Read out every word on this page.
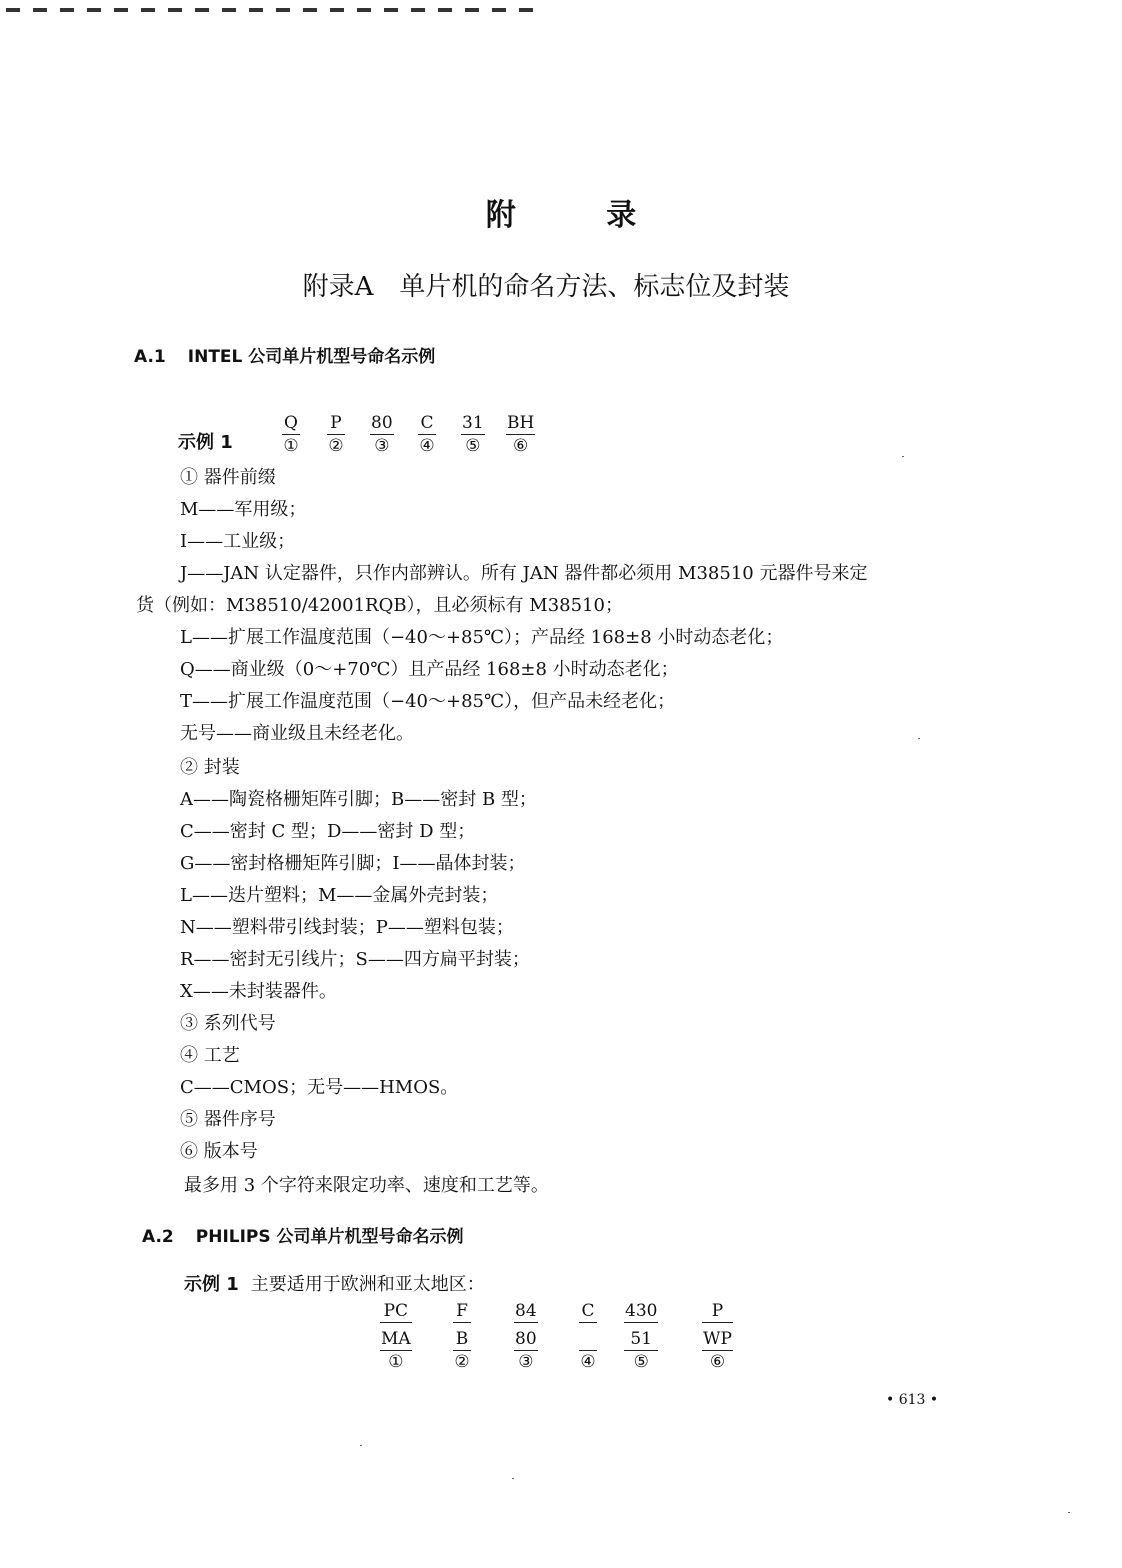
附 录
附录A　单片机的命名方法、标志位及封装
A.1 INTEL 公司单片机型号命名示例
示例 1
Q
①
P
②
80
③
C
④
31
⑤
BH
⑥
① 器件前缀
M——军用级；
I——工业级；
J——JAN 认定器件，只作内部辨认。所有 JAN 器件都必须用 M38510 元器件号来定
货（例如：M38510/42001RQB），且必须标有 M38510；
L——扩展工作温度范围（−40～+85℃）；产品经 168±8 小时动态老化；
Q——商业级（0～+70℃）且产品经 168±8 小时动态老化；
T——扩展工作温度范围（−40～+85℃），但产品未经老化；
无号——商业级且未经老化。
② 封装
A——陶瓷格栅矩阵引脚；B——密封 B 型；
C——密封 C 型；D——密封 D 型；
G——密封格栅矩阵引脚；I——晶体封装；
L——迭片塑料；M——金属外壳封装；
N——塑料带引线封装；P——塑料包装；
R——密封无引线片；S——四方扁平封装；
X——未封装器件。
③ 系列代号
④ 工艺
C——CMOS；无号——HMOS。
⑤ 器件序号
⑥ 版本号
最多用 3 个字符来限定功率、速度和工艺等。
A.2 PHILIPS 公司单片机型号命名示例
示例 1 主要适用于欧洲和亚太地区：
PC
MA
①
F
B
②
84
80
③
C
④
430
51
⑤
P
WP
⑥
• 613 •
